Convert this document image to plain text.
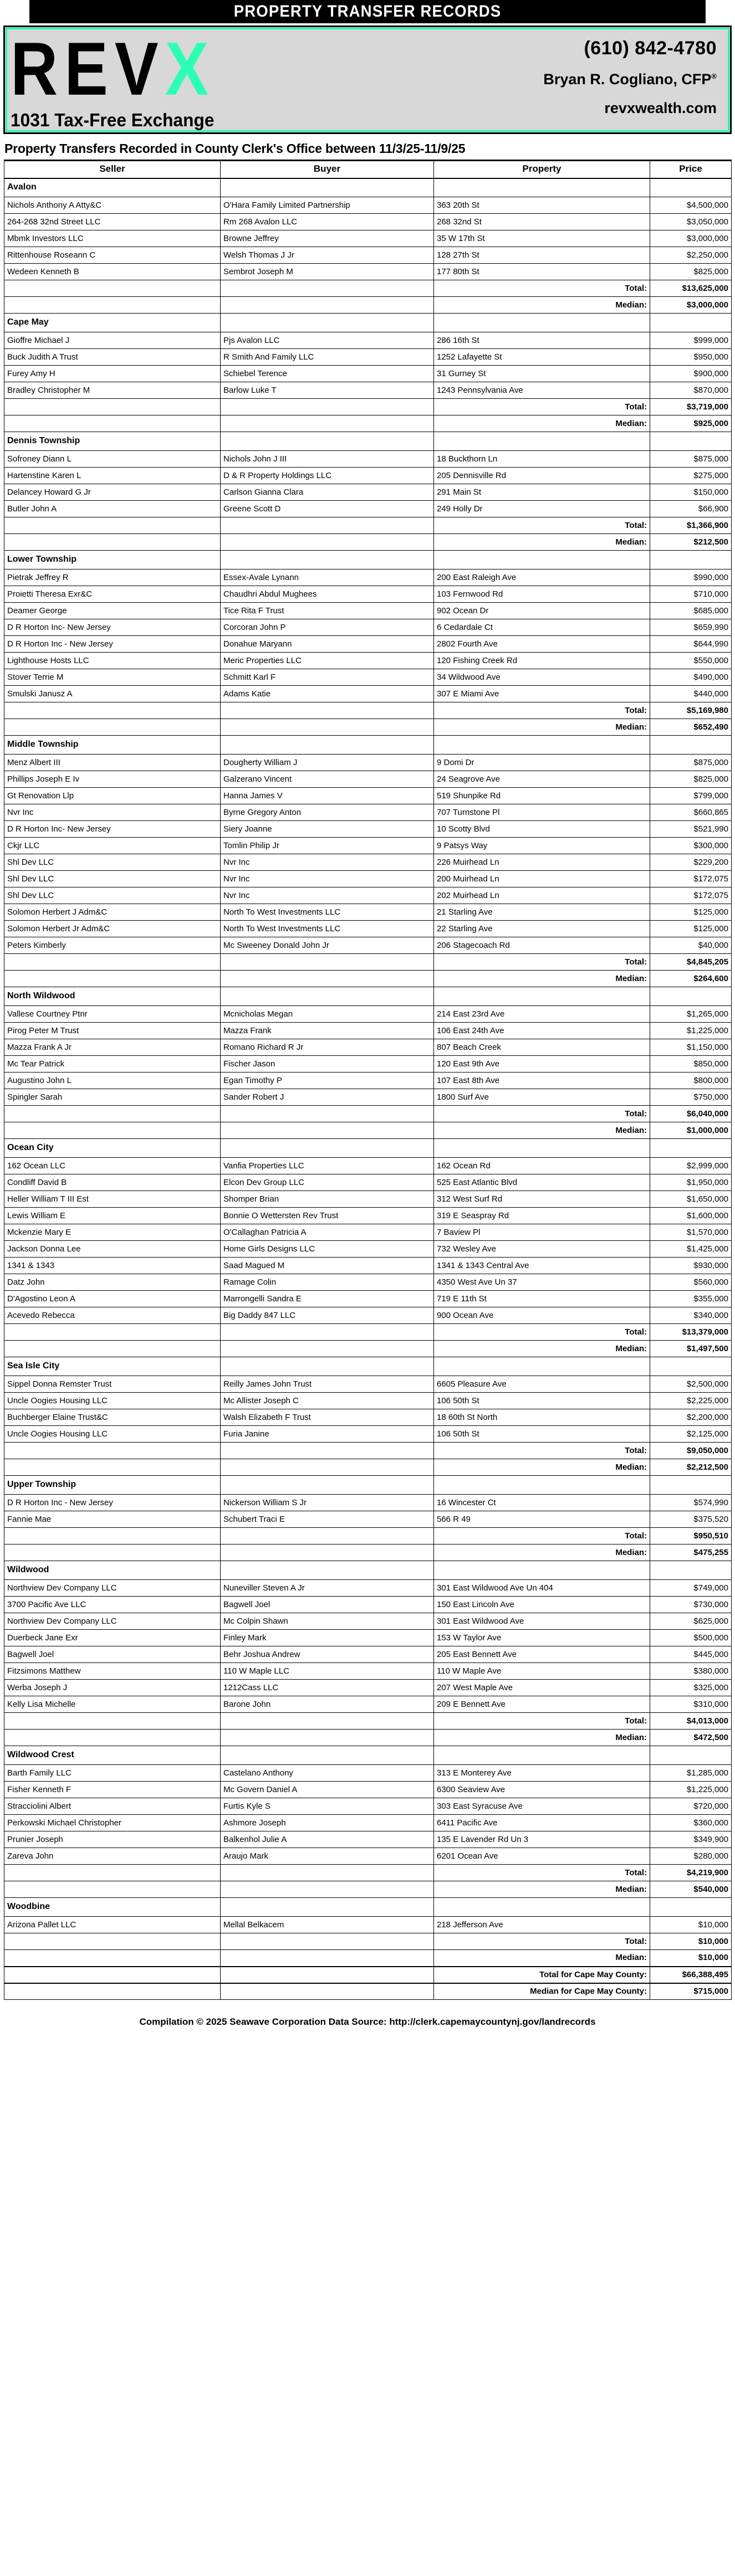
PROPERTY TRANSFER RECORDS
REVX
1031 Tax-Free Exchange
(610) 842-4780
Bryan R. Cogliano, CFP®
revxwealth.com
Property Transfers Recorded in County Clerk's Office between 11/3/25-11/9/25
Seller	Buyer	Property	Price
Avalon			
Nichols Anthony A Atty&C	O'Hara Family Limited Partnership	363 20th St	$4,500,000
264-268 32nd Street LLC	Rm 268 Avalon LLC	268 32nd St	$3,050,000
Mbmk Investors LLC	Browne Jeffrey	35 W 17th St	$3,000,000
Rittenhouse Roseann C	Welsh Thomas J Jr	128 27th St	$2,250,000
Wedeen Kenneth B	Sembrot Joseph M	177 80th St	$825,000
		Total:	$13,625,000
		Median:	$3,000,000
Cape May			
Gioffre Michael J	Pjs Avalon LLC	286 16th St	$999,000
Buck Judith A Trust	R Smith And Family LLC	1252 Lafayette St	$950,000
Furey Amy H	Schiebel Terence	31 Gurney St	$900,000
Bradley Christopher M	Barlow Luke T	1243 Pennsylvania Ave	$870,000
		Total:	$3,719,000
		Median:	$925,000
Dennis Township			
Sofroney Diann L	Nichols John J III	18 Buckthorn Ln	$875,000
Hartenstine Karen L	D & R Property Holdings LLC	205 Dennisville Rd	$275,000
Delancey Howard G Jr	Carlson Gianna Clara	291 Main St	$150,000
Butler John A	Greene Scott D	249 Holly Dr	$66,900
		Total:	$1,366,900
		Median:	$212,500
Lower Township			
Pietrak Jeffrey R	Essex-Avale Lynann	200 East Raleigh Ave	$990,000
Proietti Theresa Exr&C	Chaudhri Abdul Mughees	103 Fernwood Rd	$710,000
Deamer George	Tice Rita F Trust	902 Ocean Dr	$685,000
D R Horton Inc- New Jersey	Corcoran John P	6 Cedardale Ct	$659,990
D R Horton Inc - New Jersey	Donahue Maryann	2802 Fourth Ave	$644,990
Lighthouse Hosts LLC	Meric Properties LLC	120 Fishing Creek Rd	$550,000
Stover Terrie M	Schmitt Karl F	34 Wildwood Ave	$490,000
Smulski Janusz A	Adams Katie	307 E Miami Ave	$440,000
		Total:	$5,169,980
		Median:	$652,490
Middle Township			
Menz Albert III	Dougherty William J	9 Domi Dr	$875,000
Phillips Joseph E Iv	Galzerano Vincent	24 Seagrove Ave	$825,000
Gt Renovation Llp	Hanna James V	519 Shunpike Rd	$799,000
Nvr Inc	Byrne Gregory Anton	707 Turnstone Pl	$660,865
D R Horton Inc- New Jersey	Siery Joanne	10 Scotty Blvd	$521,990
Ckjr LLC	Tomlin Philip Jr	9 Patsys Way	$300,000
Shl Dev LLC	Nvr Inc	226 Muirhead Ln	$229,200
Shl Dev LLC	Nvr Inc	200 Muirhead Ln	$172,075
Shl Dev LLC	Nvr Inc	202 Muirhead Ln	$172,075
Solomon Herbert J Adm&C	North To West Investments LLC	21 Starling Ave	$125,000
Solomon Herbert Jr Adm&C	North To West Investments LLC	22 Starling Ave	$125,000
Peters Kimberly	Mc Sweeney Donald John Jr	206 Stagecoach Rd	$40,000
		Total:	$4,845,205
		Median:	$264,600
North Wildwood			
Vallese Courtney Ptnr	Mcnicholas Megan	214 East 23rd Ave	$1,265,000
Pirog Peter M Trust	Mazza Frank	106 East 24th Ave	$1,225,000
Mazza Frank A Jr	Romano Richard R Jr	807 Beach Creek	$1,150,000
Mc Tear Patrick	Fischer Jason	120 East 9th Ave	$850,000
Augustino John L	Egan Timothy P	107 East 8th Ave	$800,000
Spingler Sarah	Sander Robert J	1800 Surf Ave	$750,000
		Total:	$6,040,000
		Median:	$1,000,000
Ocean City			
162 Ocean LLC	Vanfia Properties LLC	162 Ocean Rd	$2,999,000
Condliff David B	Elcon Dev Group LLC	525 East Atlantic Blvd	$1,950,000
Heller William T III Est	Shomper Brian	312 West Surf Rd	$1,650,000
Lewis William E	Bonnie O Wettersten Rev Trust	319 E Seaspray Rd	$1,600,000
Mckenzie Mary E	O'Callaghan Patricia A	7 Baview Pl	$1,570,000
Jackson Donna Lee	Home Girls Designs LLC	732 Wesley Ave	$1,425,000
1341 & 1343	Saad Magued M	1341 & 1343 Central Ave	$930,000
Datz John	Ramage Colin	4350 West Ave Un 37	$560,000
D'Agostino Leon A	Marrongelli Sandra E	719 E 11th St	$355,000
Acevedo Rebecca	Big Daddy 847 LLC	900 Ocean Ave	$340,000
		Total:	$13,379,000
		Median:	$1,497,500
Sea Isle City			
Sippel Donna Remster Trust	Reilly James John Trust	6605 Pleasure Ave	$2,500,000
Uncle Oogies Housing LLC	Mc Allister Joseph C	106 50th St	$2,225,000
Buchberger Elaine Trust&C	Walsh Elizabeth F Trust	18 60th St North	$2,200,000
Uncle Oogies Housing LLC	Furia Janine	106 50th St	$2,125,000
		Total:	$9,050,000
		Median:	$2,212,500
Upper Township			
D R Horton Inc - New Jersey	Nickerson William S Jr	16 Wincester Ct	$574,990
Fannie Mae	Schubert Traci E	566 R 49	$375,520
		Total:	$950,510
		Median:	$475,255
Wildwood			
Northview Dev Company LLC	Nuneviller Steven A Jr	301 East Wildwood Ave Un 404	$749,000
3700 Pacific Ave LLC	Bagwell Joel	150 East Lincoln Ave	$730,000
Northview Dev Company LLC	Mc Colpin Shawn	301 East Wildwood Ave	$625,000
Duerbeck Jane Exr	Finley Mark	153 W Taylor Ave	$500,000
Bagwell Joel	Behr Joshua Andrew	205 East Bennett Ave	$445,000
Fitzsimons Matthew	110 W Maple LLC	110 W Maple Ave	$380,000
Werba Joseph J	1212Cass LLC	207 West Maple Ave	$325,000
Kelly Lisa Michelle	Barone John	209 E Bennett Ave	$310,000
		Total:	$4,013,000
		Median:	$472,500
Wildwood Crest			
Barth Family LLC	Castelano Anthony	313 E Monterey Ave	$1,285,000
Fisher Kenneth F	Mc Govern Daniel A	6300 Seaview Ave	$1,225,000
Stracciolini Albert	Furtis Kyle S	303 East Syracuse Ave	$720,000
Perkowski Michael Christopher	Ashmore Joseph	6411 Pacific Ave	$360,000
Prunier Joseph	Balkenhol Julie A	135 E Lavender Rd Un 3	$349,900
Zareva John	Araujo Mark	6201 Ocean Ave	$280,000
		Total:	$4,219,900
		Median:	$540,000
Woodbine			
Arizona Pallet LLC	Mellal Belkacem	218 Jefferson Ave	$10,000
		Total:	$10,000
		Median:	$10,000
		Total for Cape May County:	$66,388,495
		Median for Cape May County:	$715,000
Compilation © 2025 Seawave Corporation Data Source: http://clerk.capemaycountynj.gov/landrecords
